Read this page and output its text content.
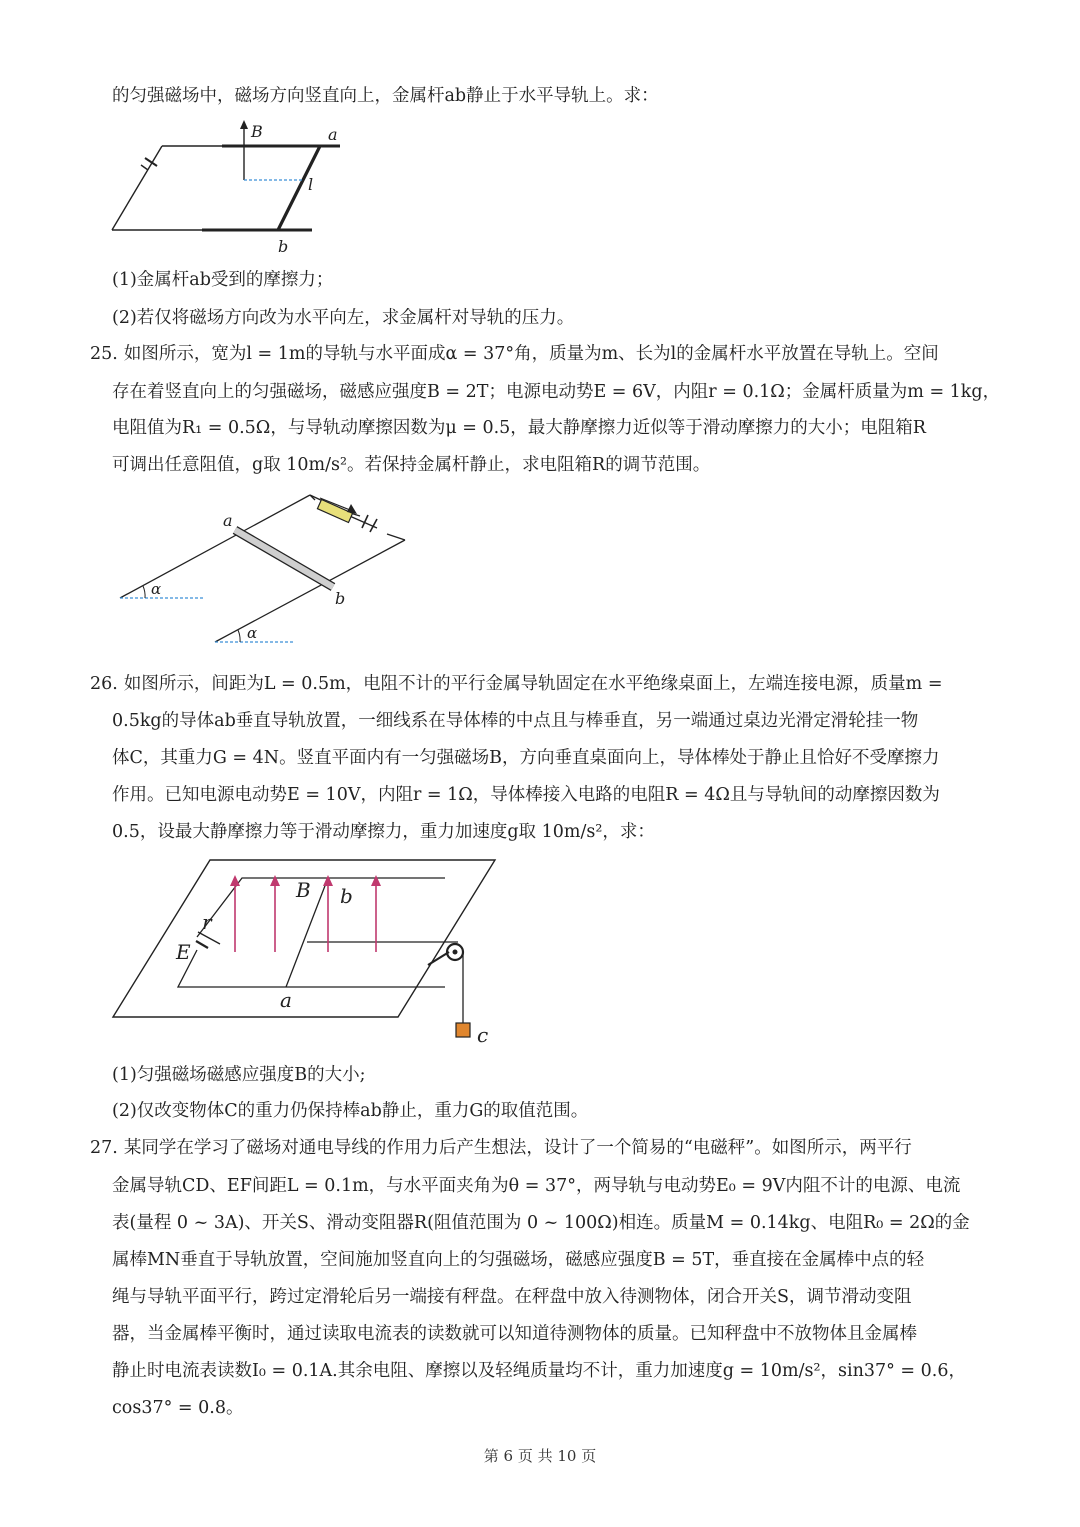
的匀强磁场中，磁场方向竖直向上，金属杆ab静止于水平导轨上。求：
B	a
l
b
(1)金属杆ab受到的摩擦力；
(2)若仅将磁场方向改为水平向左，求金属杆对导轨的压力。
25. 如图所示，宽为l = 1m的导轨与水平面成α = 37°角，质量为m、长为l的金属杆水平放置在导轨上。空间
存在着竖直向上的匀强磁场，磁感应强度B = 2T；电源电动势E = 6V，内阻r = 0.1Ω；金属杆质量为m = 1kg，
电阻值为R₁ = 0.5Ω，与导轨动摩擦因数为μ = 0.5，最大静摩擦力近似等于滑动摩擦力的大小；电阻箱R
可调出任意阻值，g取 10m/s²。若保持金属杆静止，求电阻箱R的调节范围。
a
b
α
α
26. 如图所示，间距为L = 0.5m，电阻不计的平行金属导轨固定在水平绝缘桌面上，左端连接电源，质量m =
0.5kg的导体ab垂直导轨放置，一细线系在导体棒的中点且与棒垂直，另一端通过桌边光滑定滑轮挂一物
体C，其重力G = 4N。竖直平面内有一匀强磁场B，方向垂直桌面向上，导体棒处于静止且恰好不受摩擦力
作用。已知电源电动势E = 10V，内阻r = 1Ω，导体棒接入电路的电阻R = 4Ω且与导轨间的动摩擦因数为
0.5，设最大静摩擦力等于滑动摩擦力，重力加速度g取 10m/s²，求：
B b
r
E
a
c
(1)匀强磁场磁感应强度B的大小;
(2)仅改变物体C的重力仍保持棒ab静止，重力G的取值范围。
27. 某同学在学习了磁场对通电导线的作用力后产生想法，设计了一个简易的“电磁秤”。如图所示，两平行
金属导轨CD、EF间距L = 0.1m，与水平面夹角为θ = 37°，两导轨与电动势E₀ = 9V内阻不计的电源、电流
表(量程 0 ~ 3A)、开关S、滑动变阻器R(阻值范围为 0 ~ 100Ω)相连。质量M = 0.14kg、电阻R₀ = 2Ω的金
属棒MN垂直于导轨放置，空间施加竖直向上的匀强磁场，磁感应强度B = 5T，垂直接在金属棒中点的轻
绳与导轨平面平行，跨过定滑轮后另一端接有秤盘。在秤盘中放入待测物体，闭合开关S，调节滑动变阻
器，当金属棒平衡时，通过读取电流表的读数就可以知道待测物体的质量。已知秤盘中不放物体且金属棒
静止时电流表读数I₀ = 0.1A.其余电阻、摩擦以及轻绳质量均不计，重力加速度g = 10m/s²，sin37° = 0.6，
cos37° = 0.8。
第 6 页 共 10 页
